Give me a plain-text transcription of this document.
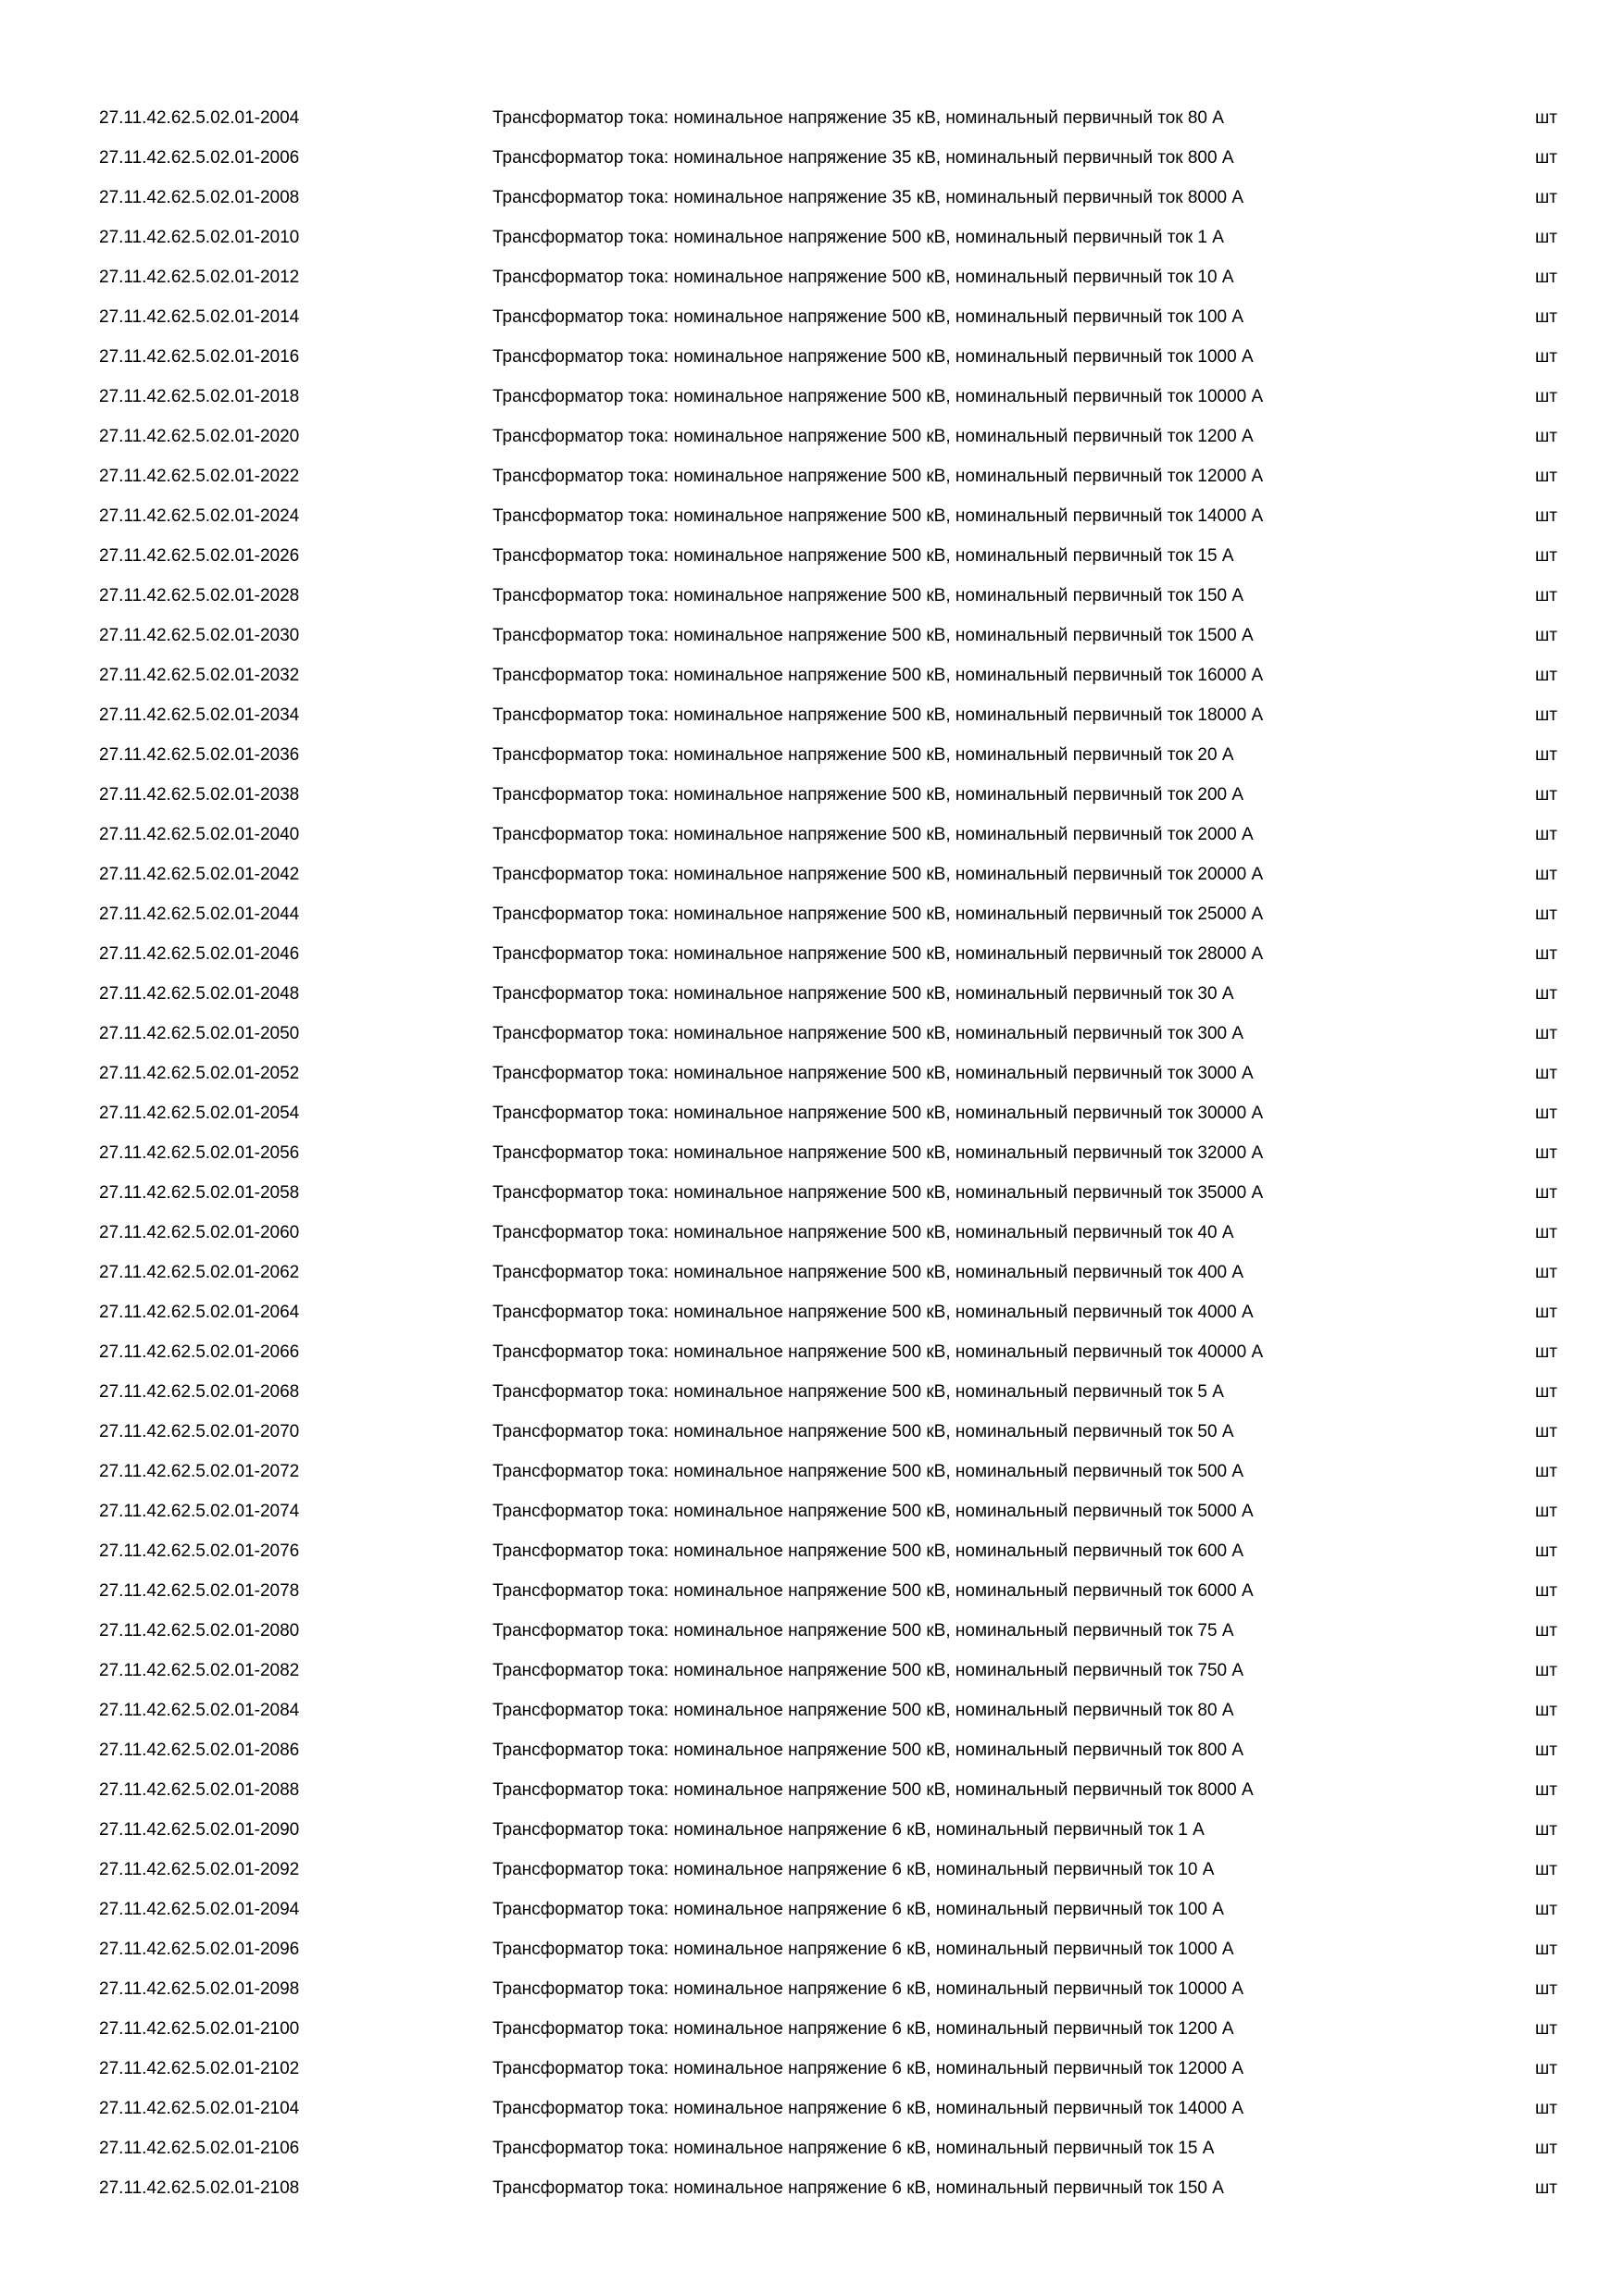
27.11.42.62.5.02.01-2004	Трансформатор тока: номинальное напряжение 35 кВ, номинальный первичный ток 80 А	шт
27.11.42.62.5.02.01-2006	Трансформатор тока: номинальное напряжение 35 кВ, номинальный первичный ток 800 А	шт
27.11.42.62.5.02.01-2008	Трансформатор тока: номинальное напряжение 35 кВ, номинальный первичный ток 8000 А	шт
27.11.42.62.5.02.01-2010	Трансформатор тока: номинальное напряжение 500 кВ, номинальный первичный ток 1 А	шт
27.11.42.62.5.02.01-2012	Трансформатор тока: номинальное напряжение 500 кВ, номинальный первичный ток 10 А	шт
27.11.42.62.5.02.01-2014	Трансформатор тока: номинальное напряжение 500 кВ, номинальный первичный ток 100 А	шт
27.11.42.62.5.02.01-2016	Трансформатор тока: номинальное напряжение 500 кВ, номинальный первичный ток 1000 А	шт
27.11.42.62.5.02.01-2018	Трансформатор тока: номинальное напряжение 500 кВ, номинальный первичный ток 10000 А	шт
27.11.42.62.5.02.01-2020	Трансформатор тока: номинальное напряжение 500 кВ, номинальный первичный ток 1200 А	шт
27.11.42.62.5.02.01-2022	Трансформатор тока: номинальное напряжение 500 кВ, номинальный первичный ток 12000 А	шт
27.11.42.62.5.02.01-2024	Трансформатор тока: номинальное напряжение 500 кВ, номинальный первичный ток 14000 А	шт
27.11.42.62.5.02.01-2026	Трансформатор тока: номинальное напряжение 500 кВ, номинальный первичный ток 15 А	шт
27.11.42.62.5.02.01-2028	Трансформатор тока: номинальное напряжение 500 кВ, номинальный первичный ток 150 А	шт
27.11.42.62.5.02.01-2030	Трансформатор тока: номинальное напряжение 500 кВ, номинальный первичный ток 1500 А	шт
27.11.42.62.5.02.01-2032	Трансформатор тока: номинальное напряжение 500 кВ, номинальный первичный ток 16000 А	шт
27.11.42.62.5.02.01-2034	Трансформатор тока: номинальное напряжение 500 кВ, номинальный первичный ток 18000 А	шт
27.11.42.62.5.02.01-2036	Трансформатор тока: номинальное напряжение 500 кВ, номинальный первичный ток 20 А	шт
27.11.42.62.5.02.01-2038	Трансформатор тока: номинальное напряжение 500 кВ, номинальный первичный ток 200 А	шт
27.11.42.62.5.02.01-2040	Трансформатор тока: номинальное напряжение 500 кВ, номинальный первичный ток 2000 А	шт
27.11.42.62.5.02.01-2042	Трансформатор тока: номинальное напряжение 500 кВ, номинальный первичный ток 20000 А	шт
27.11.42.62.5.02.01-2044	Трансформатор тока: номинальное напряжение 500 кВ, номинальный первичный ток 25000 А	шт
27.11.42.62.5.02.01-2046	Трансформатор тока: номинальное напряжение 500 кВ, номинальный первичный ток 28000 А	шт
27.11.42.62.5.02.01-2048	Трансформатор тока: номинальное напряжение 500 кВ, номинальный первичный ток 30 А	шт
27.11.42.62.5.02.01-2050	Трансформатор тока: номинальное напряжение 500 кВ, номинальный первичный ток 300 А	шт
27.11.42.62.5.02.01-2052	Трансформатор тока: номинальное напряжение 500 кВ, номинальный первичный ток 3000 А	шт
27.11.42.62.5.02.01-2054	Трансформатор тока: номинальное напряжение 500 кВ, номинальный первичный ток 30000 А	шт
27.11.42.62.5.02.01-2056	Трансформатор тока: номинальное напряжение 500 кВ, номинальный первичный ток 32000 А	шт
27.11.42.62.5.02.01-2058	Трансформатор тока: номинальное напряжение 500 кВ, номинальный первичный ток 35000 А	шт
27.11.42.62.5.02.01-2060	Трансформатор тока: номинальное напряжение 500 кВ, номинальный первичный ток 40 А	шт
27.11.42.62.5.02.01-2062	Трансформатор тока: номинальное напряжение 500 кВ, номинальный первичный ток 400 А	шт
27.11.42.62.5.02.01-2064	Трансформатор тока: номинальное напряжение 500 кВ, номинальный первичный ток 4000 А	шт
27.11.42.62.5.02.01-2066	Трансформатор тока: номинальное напряжение 500 кВ, номинальный первичный ток 40000 А	шт
27.11.42.62.5.02.01-2068	Трансформатор тока: номинальное напряжение 500 кВ, номинальный первичный ток 5 А	шт
27.11.42.62.5.02.01-2070	Трансформатор тока: номинальное напряжение 500 кВ, номинальный первичный ток 50 А	шт
27.11.42.62.5.02.01-2072	Трансформатор тока: номинальное напряжение 500 кВ, номинальный первичный ток 500 А	шт
27.11.42.62.5.02.01-2074	Трансформатор тока: номинальное напряжение 500 кВ, номинальный первичный ток 5000 А	шт
27.11.42.62.5.02.01-2076	Трансформатор тока: номинальное напряжение 500 кВ, номинальный первичный ток 600 А	шт
27.11.42.62.5.02.01-2078	Трансформатор тока: номинальное напряжение 500 кВ, номинальный первичный ток 6000 А	шт
27.11.42.62.5.02.01-2080	Трансформатор тока: номинальное напряжение 500 кВ, номинальный первичный ток 75 А	шт
27.11.42.62.5.02.01-2082	Трансформатор тока: номинальное напряжение 500 кВ, номинальный первичный ток 750 А	шт
27.11.42.62.5.02.01-2084	Трансформатор тока: номинальное напряжение 500 кВ, номинальный первичный ток 80 А	шт
27.11.42.62.5.02.01-2086	Трансформатор тока: номинальное напряжение 500 кВ, номинальный первичный ток 800 А	шт
27.11.42.62.5.02.01-2088	Трансформатор тока: номинальное напряжение 500 кВ, номинальный первичный ток 8000 А	шт
27.11.42.62.5.02.01-2090	Трансформатор тока: номинальное напряжение 6 кВ, номинальный первичный ток 1 А	шт
27.11.42.62.5.02.01-2092	Трансформатор тока: номинальное напряжение 6 кВ, номинальный первичный ток 10 А	шт
27.11.42.62.5.02.01-2094	Трансформатор тока: номинальное напряжение 6 кВ, номинальный первичный ток 100 А	шт
27.11.42.62.5.02.01-2096	Трансформатор тока: номинальное напряжение 6 кВ, номинальный первичный ток 1000 А	шт
27.11.42.62.5.02.01-2098	Трансформатор тока: номинальное напряжение 6 кВ, номинальный первичный ток 10000 А	шт
27.11.42.62.5.02.01-2100	Трансформатор тока: номинальное напряжение 6 кВ, номинальный первичный ток 1200 А	шт
27.11.42.62.5.02.01-2102	Трансформатор тока: номинальное напряжение 6 кВ, номинальный первичный ток 12000 А	шт
27.11.42.62.5.02.01-2104	Трансформатор тока: номинальное напряжение 6 кВ, номинальный первичный ток 14000 А	шт
27.11.42.62.5.02.01-2106	Трансформатор тока: номинальное напряжение 6 кВ, номинальный первичный ток 15 А	шт
27.11.42.62.5.02.01-2108	Трансформатор тока: номинальное напряжение 6 кВ, номинальный первичный ток 150 А	шт
